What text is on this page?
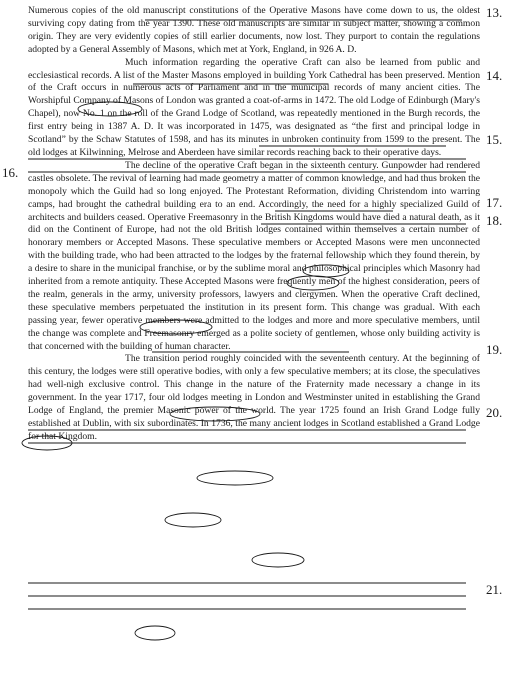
Numerous copies of the old manuscript constitutions of the Operative Masons have come down to us, the oldest surviving copy dating from the year 1390. These old manuscripts are similar in subject matter, showing a common origin. They are very evidently copies of still earlier documents, now lost. They purport to contain the regulations adopted by a General Assembly of Masons, which met at York, England, in 926 A. D.

Much information regarding the operative Craft can also be learned from public and ecclesiastical records. A list of the Master Masons employed in building York Cathedral has been preserved. Mention of the Craft occurs in numerous acts of Parliament and in the municipal records of many ancient cities. The Worshipful Company of Masons of London was granted a coat-of-arms in 1472. The old Lodge of Edinburgh (Mary's Chapel), now No. 1 on the roll of the Grand Lodge of Scotland, was repeatedly mentioned in the Burgh records, the first entry being in 1387 A. D. It was incorporated in 1475, was designated as “the first and principal lodge in Scotland” by the Schaw Statutes of 1598, and has its minutes in unbroken continuity from 1599 to the present. The old lodges at Kilwinning, Melrose and Aberdeen have similar records reaching back to their operative days.

The decline of the operative Craft began in the sixteenth century. Gunpowder had rendered castles obsolete. The revival of learning had made geometry a matter of common knowledge, and had thus broken the monopoly which the Guild had so long enjoyed. The Protestant Reformation, dividing Christendom into warring camps, had brought the cathedral building era to an end. Accordingly, the need for a highly specialized Guild of architects and builders ceased. Operative Freemasonry in the British Kingdoms would have died a natural death, as it did on the Continent of Europe, had not the old British lodges contained within themselves a certain number of honorary members or Accepted Masons. These speculative members or Accepted Masons were men unconnected with the building trade, who had been attracted to the lodges by the fraternal fellowship which they found therein, by a desire to share in the municipal franchise, or by the sublime moral and philosophical principles which Masonry had inherited from a remote antiquity. These Accepted Masons were frequently men of the highest consideration, peers of the realm, generals in the army, university professors, lawyers and clergymen. When the operative Craft declined, these speculative members perpetuated the institution in its present form. This change was gradual. With each passing year, fewer operative members were admitted to the lodges and more and more speculative members, until the change was complete and Freemasonry emerged as a polite society of gentlemen, whose only building activity is that concerned with the building of human character.

The transition period roughly coincided with the seventeenth century. At the beginning of this century, the lodges were still operative bodies, with only a few speculative members; at its close, the speculatives had well-nigh exclusive control. This change in the nature of the Fraternity made necessary a change in its government. In the year 1717, four old lodges meeting in London and Westminster united in establishing the Grand Lodge of England, the premier Masonic power of the world. The year 1725 found an Irish Grand Lodge fully established at Dublin, with six subordinates. In 1736, the many ancient lodges in Scotland established a Grand Lodge for that Kingdom.

13.
14.
15.
16.
17.
18.
19.
20.
21.
